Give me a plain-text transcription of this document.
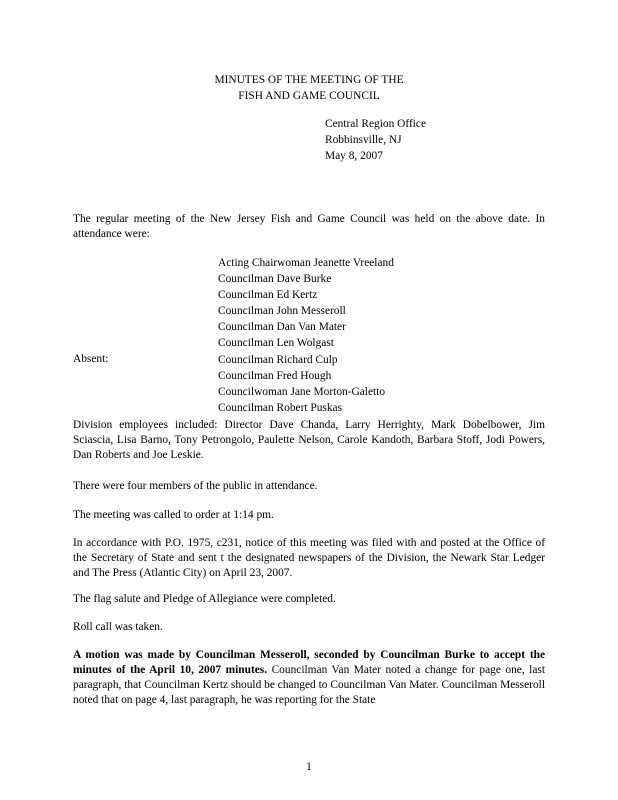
MINUTES OF THE MEETING OF THE
FISH AND GAME COUNCIL
Central Region Office
Robbinsville, NJ
May 8, 2007
The regular meeting of the New Jersey Fish and Game Council was held on the above date. In attendance were:
Acting Chairwoman Jeanette Vreeland
Councilman Dave Burke
Councilman Ed Kertz
Councilman John Messeroll
Councilman Dan Van Mater
Councilman Len Wolgast
Absent:	Councilman Richard Culp
Councilman Fred Hough
Councilwoman Jane Morton-Galetto
Councilman Robert Puskas
Division employees included: Director Dave Chanda, Larry Herrighty, Mark Dobelbower, Jim Sciascia, Lisa Barno, Tony Petrongolo, Paulette Nelson, Carole Kandoth, Barbara Stoff, Jodi Powers, Dan Roberts and Joe Leskie.
There were four members of the public in attendance.
The meeting was called to order at 1:14 pm.
In accordance with P.O. 1975, c231, notice of this meeting was filed with and posted at the Office of the Secretary of State and sent t the designated newspapers of the Division, the Newark Star Ledger and The Press (Atlantic City) on April 23, 2007.
The flag salute and Pledge of Allegiance were completed.
Roll call was taken.
A motion was made by Councilman Messeroll, seconded by Councilman Burke to accept the minutes of the April 10, 2007 minutes. Councilman Van Mater noted a change for page one, last paragraph, that Councilman Kertz should be changed to Councilman Van Mater. Councilman Messeroll noted that on page 4, last paragraph, he was reporting for the State
1
